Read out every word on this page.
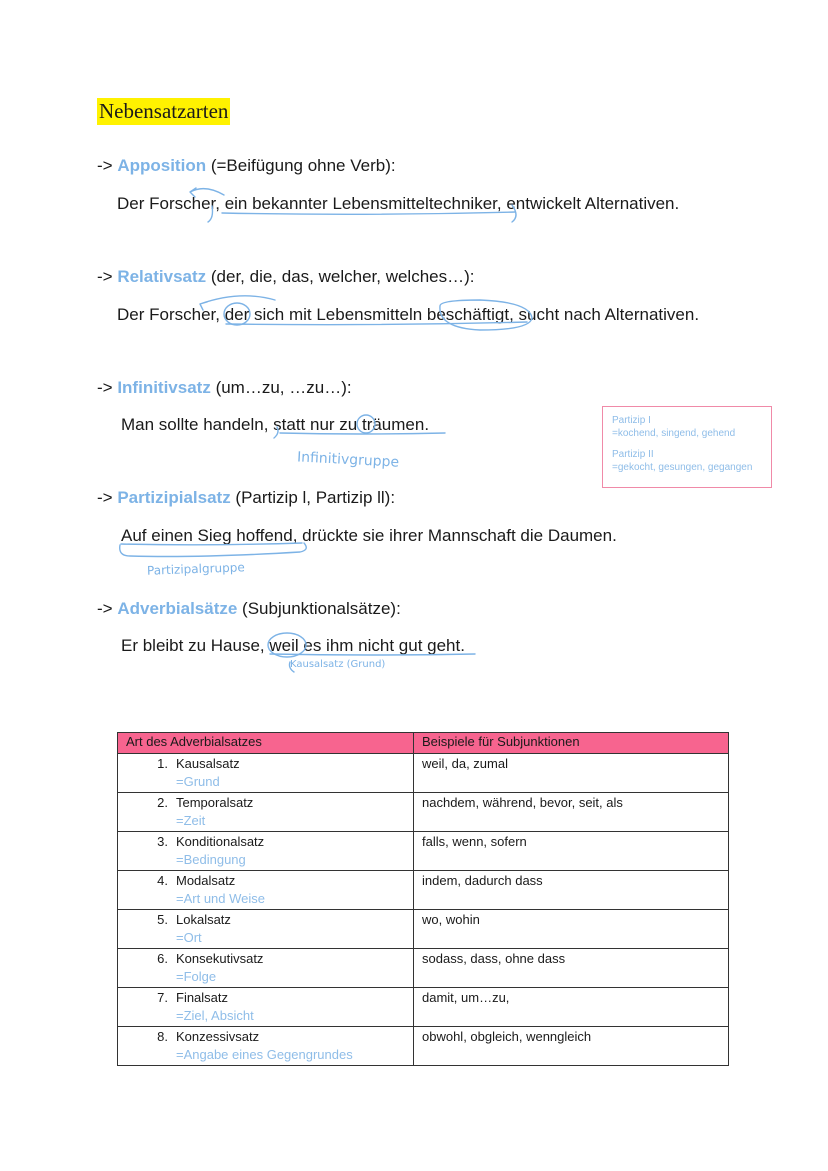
Nebensatzarten
-> Apposition (=Beifügung ohne Verb):
Der Forscher, ein bekannter Lebensmitteltechniker, entwickelt Alternativen.
-> Relativsatz (der, die, das, welcher, welches…):
Der Forscher, der sich mit Lebensmitteln beschäftigt, sucht nach Alternativen.
-> Infinitivsatz (um…zu, …zu…):
Man sollte handeln, statt nur zu träumen.
Infinitivgruppe
Partizip I
=kochend, singend, gehend
Partizip II
=gekocht, gesungen, gegangen
-> Partizipialsatz (Partizip l, Partizip ll):
Auf einen Sieg hoffend, drückte sie ihrer Mannschaft die Daumen.
Partizipalgruppe
-> Adverbialsätze (Subjunktionalsätze):
Er bleibt zu Hause, weil es ihm nicht gut geht.
Kausalsatz (Grund)
Art des Adverbialsatzes	Beispiele für Subjunktionen
1. Kausalsatz
=Grund	weil, da, zumal
2. Temporalsatz
=Zeit	nachdem, während, bevor, seit, als
3. Konditionalsatz
=Bedingung	falls, wenn, sofern
4. Modalsatz
=Art und Weise	indem, dadurch dass
5. Lokalsatz
=Ort	wo, wohin
6. Konsekutivsatz
=Folge	sodass, dass, ohne dass
7. Finalsatz
=Ziel, Absicht	damit, um…zu,
8. Konzessivsatz
=Angabe eines Gegengrundes	obwohl, obgleich, wenngleich
